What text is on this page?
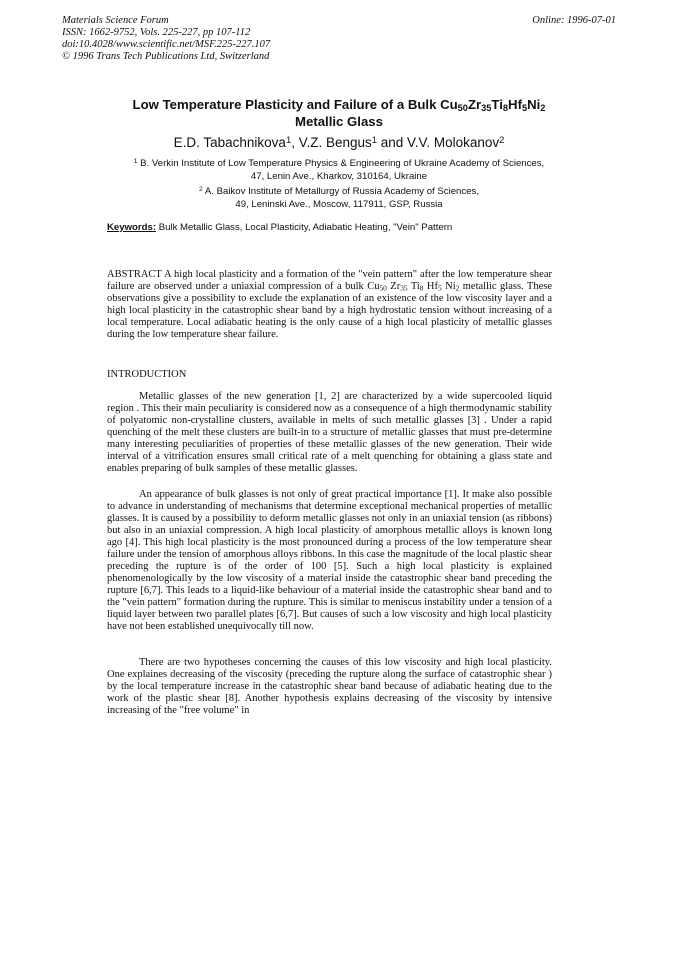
Materials Science Forum
ISSN: 1662-9752, Vols. 225-227, pp 107-112
doi:10.4028/www.scientific.net/MSF.225-227.107
© 1996 Trans Tech Publications Ltd, Switzerland
Online: 1996-07-01
Low Temperature Plasticity and Failure of a Bulk $Cu_{50}Zr_{35}Ti_8Hf_5Ni_2$
Metallic Glass
E.D. Tabachnikova$^1$, V.Z. Bengus$^1$ and V.V. Molokanov$^2$
$^1$ B. Verkin Institute of Low Temperature Physics & Engineering of Ukraine Academy of Sciences,
47, Lenin Ave., Kharkov, 310164, Ukraine
$^2$ A. Baikov Institute of Metallurgy of Russia Academy of Sciences,
49, Leninski Ave., Moscow, 117911, GSP, Russia
Keywords: Bulk Metallic Glass, Local Plasticity, Adiabatic Heating, "Vein" Pattern
ABSTRACT A high local plasticity and a formation of the "vein pattern" after the low temperature shear failure are observed under a uniaxial compression of a bulk $Cu_{50}$ $Zr_{35}$ $Ti_8$ $Hf_5$ $Ni_2$ metallic glass. These observations give a possibility to exclude the explanation of an existence of the low viscosity layer and a high local plasticity in the catastrophic shear band by a high hydrostatic tension without increasing of a local temperature. Local adiabatic heating is the only cause of a high local plasticity of metallic glasses during the low temperature shear failure.
INTRODUCTION
Metallic glasses of the new generation [1, 2] are characterized by a wide supercooled liquid region . This their main peculiarity is considered now as a consequence of a high thermodynamic stability of polyatomic non-crystalline clusters, available in melts of such metallic glasses [3] . Under a rapid quenching of the melt these clusters are built-in to a structure of metallic glasses that must pre-determine many interesting peculiarities of properties of these metallic glasses of the new generation. Their wide interval of a vitrification ensures small critical rate of a melt quenching for obtaining a glass state and enables preparing of bulk samples of these metallic glasses.
An appearance of bulk glasses is not only of great practical importance [1]. It make also possible to advance in understanding of mechanisms that determine exceptional mechanical properties of metallic glasses. It is caused by a possibility to deform metallic glasses not only in an uniaxial tension (as ribbons) but also in an uniaxial compression. A high local plasticity of amorphous metallic alloys is known long ago [4]. This high local plasticity is the most pronounced during a process of the low temperature shear failure under the tension of amorphous alloys ribbons. In this case the magnitude of the local plastic shear preceding the rupture is of the order of 100 [5]. Such a high local plasticity is explained phenomenologically by the low viscosity of a material inside the catastrophic shear band preceding the rupture [6,7]. This leads to a liquid-like behaviour of a material inside the catastrophic shear band and to the "vein pattern" formation during the rupture. This is similar to meniscus instability under a tension of a liquid layer between two parallel plates [6,7]. But causes of such a low viscosity and high local plasticity have not been established unequivocally till now.
There are two hypotheses concerning the causes of this low viscosity and high local plasticity. One explaines decreasing of the viscosity (preceding the rupture along the surface of catastrophic shear ) by the local temperature increase in the catastrophic shear band because of adiabatic heating due to the work of the plastic shear [8]. Another hypothesis explains decreasing of the viscosity by intensive increasing of the "free volume" in
